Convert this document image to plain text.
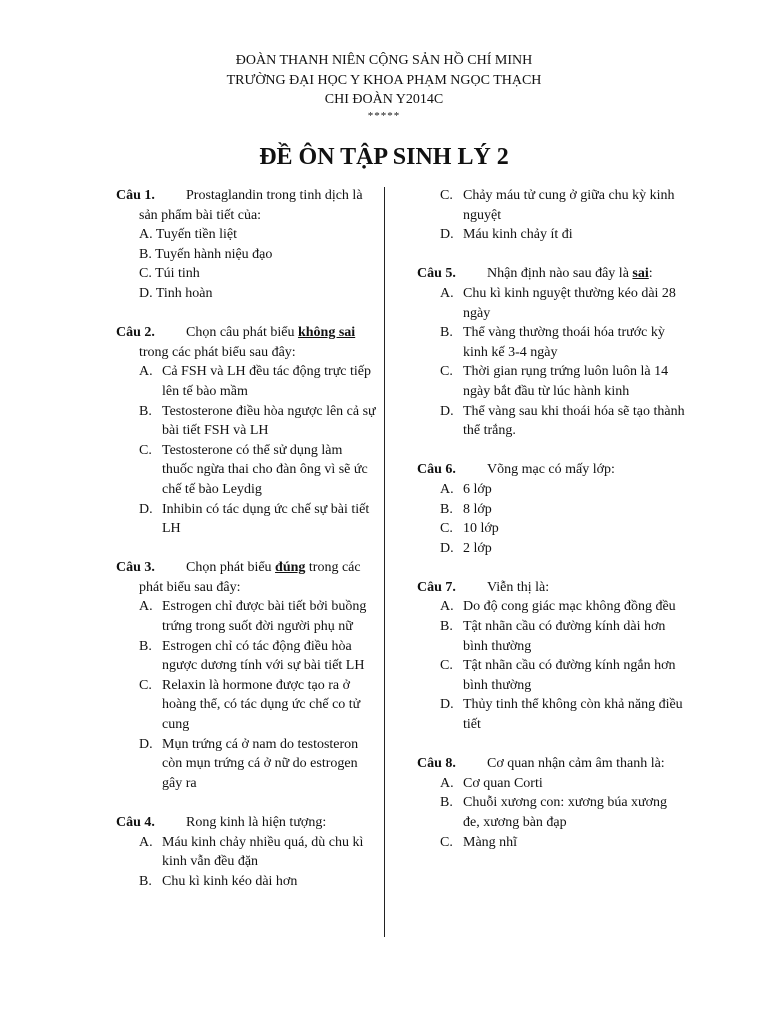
ĐOÀN THANH NIÊN CỘNG SẢN HỒ CHÍ MINH
TRƯỜNG ĐẠI HỌC Y KHOA PHẠM NGỌC THẠCH
CHI ĐOÀN Y2014C
*****
ĐỀ ÔN TẬP SINH LÝ 2
Câu 1. Prostaglandin trong tinh dịch là sản phẩm bài tiết của:
A. Tuyến tiền liệt
B. Tuyến hành niệu đạo
C. Túi tinh
D. Tinh hoàn
Câu 2. Chọn câu phát biểu không sai trong các phát biểu sau đây:
A. Cả FSH và LH đều tác động trực tiếp lên tế bào mầm
B. Testosterone điều hòa ngược lên cả sự bài tiết FSH và LH
C. Testosterone có thể sử dụng làm thuốc ngừa thai cho đàn ông vì sẽ ức chế tế bào Leydig
D. Inhibin có tác dụng ức chế sự bài tiết LH
Câu 3. Chọn phát biểu đúng trong các phát biểu sau đây:
A. Estrogen chỉ được bài tiết bởi buồng trứng trong suốt đời người phụ nữ
B. Estrogen chỉ có tác động điều hòa ngược dương tính với sự bài tiết LH
C. Relaxin là hormone được tạo ra ở hoàng thể, có tác dụng ức chế co tử cung
D. Mụn trứng cá ở nam do testosteron còn mụn trứng cá ở nữ do estrogen gây ra
Câu 4. Rong kinh là hiện tượng:
A. Máu kinh chảy nhiều quá, dù chu kì kinh vẫn đều đặn
B. Chu kì kinh kéo dài hơn
C. Chảy máu tử cung ở giữa chu kỳ kinh nguyệt
D. Máu kinh chảy ít đi
Câu 5. Nhận định nào sau đây là sai:
A. Chu kì kinh nguyệt thường kéo dài 28 ngày
B. Thể vàng thường thoái hóa trước kỳ kinh kế 3-4 ngày
C. Thời gian rụng trứng luôn luôn là 14 ngày bắt đầu từ lúc hành kinh
D. Thể vàng sau khi thoái hóa sẽ tạo thành thể trắng.
Câu 6. Võng mạc có mấy lớp:
A. 6 lớp
B. 8 lớp
C. 10 lớp
D. 2 lớp
Câu 7. Viễn thị là:
A. Do độ cong giác mạc không đồng đều
B. Tật nhãn cầu có đường kính dài hơn bình thường
C. Tật nhãn cầu có đường kính ngắn hơn bình thường
D. Thủy tinh thể không còn khả năng điều tiết
Câu 8. Cơ quan nhận cảm âm thanh là:
A. Cơ quan Corti
B. Chuỗi xương con: xương búa xương đe, xương bàn đạp
C. Màng nhĩ
